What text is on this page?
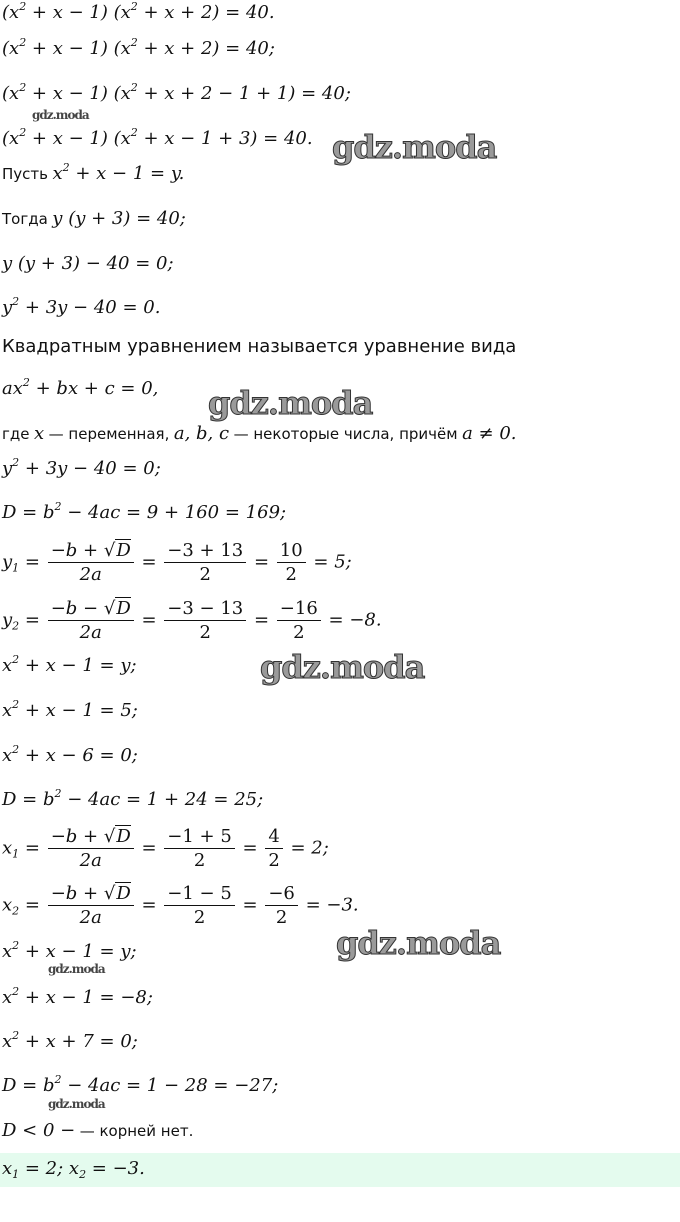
$(x^2 + x - 1) (x^2 + x + 2) = 40$.
$(x^2 + x - 1) (x^2 + x + 2) = 40$;
$(x^2 + x - 1) (x^2 + x + 2 - 1 + 1) = 40$;
gdz.moda
$(x^2 + x - 1) (x^2 + x - 1 + 3) = 40$. gdz.moda
Пусть $x^2 + x - 1 = y$.
Тогда y (y + 3) = 40;
y (y + 3) − 40 = 0;
$y^2 + 3y - 40 = 0$.
Квадратным уравнением называется уравнение вида
$ax^2$ + bx + c = 0, gdz.moda
где x — переменная, a, b, c — некоторые числа, причём a ≠ 0.
$y^2 + 3y - 40 = 0$;
$D = b^2 - 4ac = 9 + 160 = 169$;
$y_1 = \frac{-b + √D}{2a} = \frac{-3 + 13}{2} = \frac{10}{2} = 5$;
$y_2 = \frac{-b - √D}{2a} = \frac{-3 - 13}{2} = \frac{-16}{2} = -8$.
$x^2 + x - 1 = y$;	gdz.moda
$x^2 + x - 1 = 5$;
$x^2 + x - 6 = 0$;
$D = b^2 - 4ac = 1 + 24 = 25$;
$x_1 = \frac{-b + √D}{2a} = \frac{-1 + 5}{2} = \frac{4}{2} = 2$;
$x_2 = \frac{-b + √D}{2a} = \frac{-1 - 5}{2} = \frac{-6}{2} = -3$.
$x^2 + x - 1 = y$;
gdz.moda
gdz.moda
$x^2 + x - 1 = -8$;
$x^2 + x + 7 = 0$;
$D = b^2 - 4ac = 1 - 28 = -27$;
gdz.moda
D < 0 − — корней нет.
$x_1 = 2$; $x_2 = -3$.
